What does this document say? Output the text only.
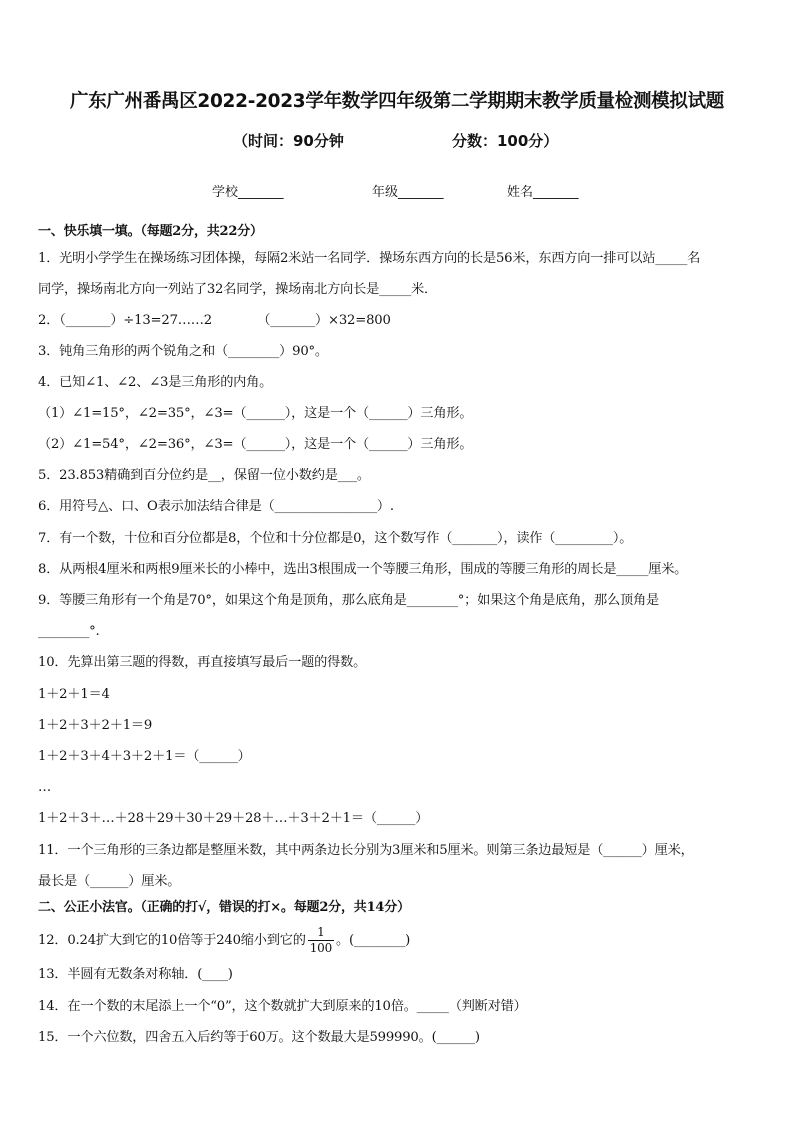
广东广州番禺区2022-2023学年数学四年级第二学期期末教学质量检测模拟试题
（时间：90分钟	分数：100分）
学校_______	年级_______	姓名_______
一、快乐填一填。（每题2分，共22分）
1．光明小学学生在操场练习团体操，每隔2米站一名同学．操场东西方向的长是56米，东西方向一排可以站_____名
同学，操场南北方向一列站了32名同学，操场南北方向长是_____米．
2．（_______）÷13=27……2　　　　（_______）×32=800
3．钝角三角形的两个锐角之和（________）90°。
4．已知∠1、∠2、∠3是三角形的内角。
（1）∠1=15°，∠2=35°，∠3=（______），这是一个（______）三角形。
（2）∠1=54°，∠2=36°，∠3=（______），这是一个（______）三角形。
5．23.853精确到百分位约是__，保留一位小数约是___。
6．用符号△、口、O表示加法结合律是（________________）.
7．有一个数，十位和百分位都是8，个位和十分位都是0，这个数写作（_______），读作（_________）。
8．从两根4厘米和两根9厘米长的小棒中，选出3根围成一个等腰三角形，围成的等腰三角形的周长是_____厘米。
9．等腰三角形有一个角是70°，如果这个角是顶角，那么底角是________°；如果这个角是底角，那么顶角是
________°.
10．先算出第三题的得数，再直接填写最后一题的得数。
1＋2＋1＝4
1＋2＋3＋2＋1＝9
1＋2＋3＋4＋3＋2＋1＝（______）
…
1＋2＋3＋…＋28＋29＋30＋29＋28＋…＋3＋2＋1＝（______）
11．一个三角形的三条边都是整厘米数，其中两条边长分别为3厘米和5厘米。则第三条边最短是（______）厘米，
最长是（______）厘米。
二、公正小法官。（正确的打√，错误的打×。每题2分，共14分）
12．0.24扩大到它的10倍等于240缩小到它的 $\frac{1}{100}$ 。(________)
13．半圆有无数条对称轴．(____)
14．在一个数的末尾添上一个“0”，这个数就扩大到原来的10倍。_____（判断对错）
15．一个六位数，四舍五入后约等于60万。这个数最大是599990。(______)
